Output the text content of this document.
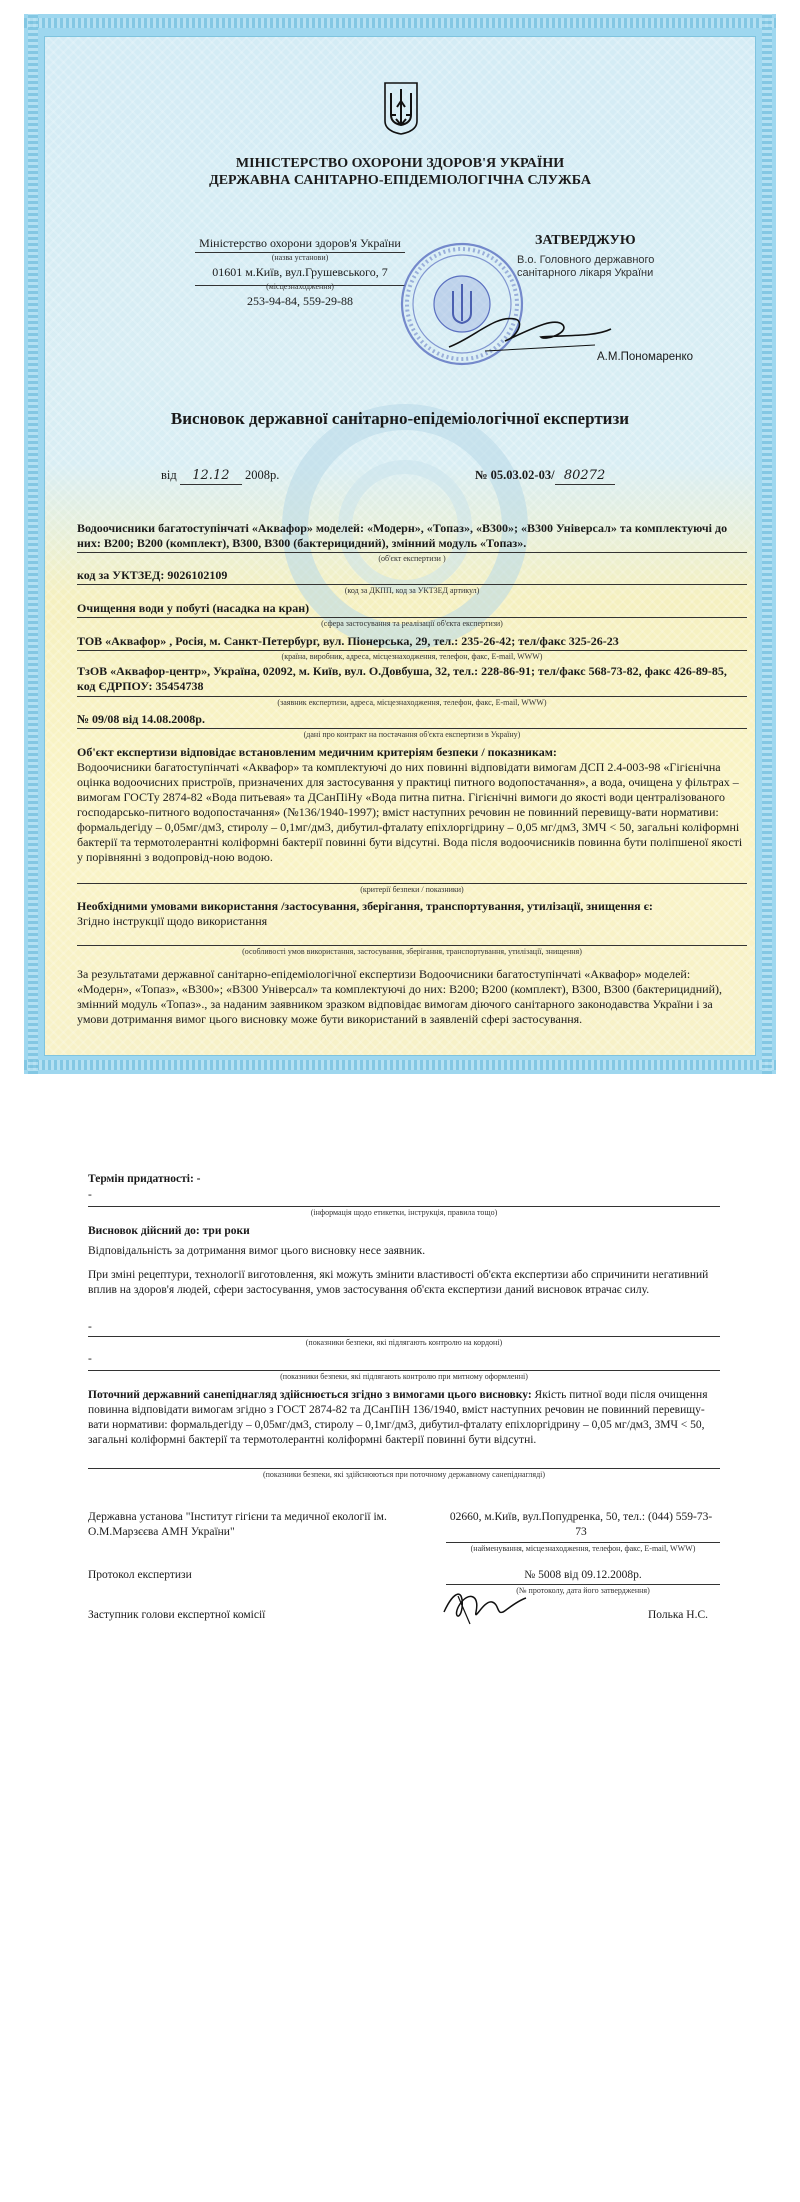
МІНІСТЕРСТВО ОХОРОНИ ЗДОРОВ'Я УКРАЇНИ
ДЕРЖАВНА САНІТАРНО-ЕПІДЕМІОЛОГІЧНА СЛУЖБА
Міністерство охорони здоров'я України
(назва установи)
01601 м.Київ, вул.Грушевського, 7
(місцезнаходження)
253-94-84, 559-29-88
ЗАТВЕРДЖУЮ
В.о. Головного державного
санітарного лікаря України
А.М.Пономаренко
Висновок державної санітарно-епідеміологічної експертизи
від 12.12 2008р.	№ 05.03.02-03/ 80272
Водоочисники багатоступінчаті «Аквафор» моделей: «Модерн», «Топаз», «В300»; «В300 Універсал» та комплектуючі до них: В200; В200 (комплект), В300, В300 (бактерицидний), змінний модуль «Топаз».
(об'єкт експертизи )
код за УКТЗЕД: 9026102109
(код за ДКПП, код за УКТЗЕД артикул)
Очищення води у побуті (насадка на кран)
(сфера застосування та реалізації об'єкта експертизи)
ТОВ «Аквафор» , Росія, м. Санкт-Петербург, вул. Піонерська, 29, тел.: 235-26-42; тел/факс 325-26-23
(країна, виробник, адреса, місцезнаходження, телефон, факс, E-mail, WWW)
ТзОВ «Аквафор-центр», Україна, 02092, м. Київ, вул. О.Довбуша, 32, тел.: 228-86-91; тел/факс 568-73-82, факс 426-89-85, код ЄДРПОУ: 35454738
(заявник експертизи, адреса, місцезнаходження, телефон, факс, E-mail, WWW)
№ 09/08 від 14.08.2008р.
(дані про контракт на постачання об'єкта експертизи в Україну)
Об'єкт експертизи відповідає встановленим медичним критеріям безпеки / показникам:
Водоочисники багатоступінчаті «Аквафор» та комплектуючі до них повинні відповідати вимогам ДСП 2.4-003-98 «Гігієнічна оцінка водоочисних пристроїв, призначених для застосування у практиці питного водопостачання», а вода, очищена у фільтрах – вимогам ГОСТу 2874-82 «Вода питьевая» та ДСанПіНу «Вода питна питна. Гігієнічні вимоги до якості води централізованого господарсько-питного водопостачання» (№136/1940-1997); вміст наступних речовин не повинний перевищу-вати нормативи: формальдегіду – 0,05мг/дм3, стиролу – 0,1мг/дм3, дибутил-фталату епіхлоргідрину – 0,05 мг/дм3, ЗМЧ < 50, загальні коліформні бактерії та термотолерантні коліформні бактерії повинні бути відсутні. Вода після водоочисників повинна бути поліпшеної якості у порівнянні з водопровід-ною водою.
(критерії безпеки / показники)
Необхідними умовами використання /застосування, зберігання, транспортування, утилізації, знищення є:
Згідно інструкції щодо використання
(особливості умов використання, застосування, зберігання, транспортування, утилізації, знищення)
За результатами державної санітарно-епідеміологічної експертизи Водоочисники багатоступінчаті «Аквафор» моделей: «Модерн», «Топаз», «В300»; «В300 Універсал» та комплектуючі до них: В200; В200 (комплект), В300, В300 (бактерицидний), змінний модуль «Топаз»., за наданим заявником зразком відповідає вимогам діючого санітарного законодавства України і за умови дотримання вимог цього висновку може бути використаний в заявленій сфері застосування.
Термін придатності: -
-
(інформація щодо етикетки, інструкцiя, правила тощо)
Висновок дійсний до: три роки
Відповідальність за дотримання вимог цього висновку несе заявник.
При зміні рецептури, технології виготовлення, які можуть змінити властивості об'єкта експертизи або спричинити негативний вплив на здоров'я людей, сфери застосування, умов застосування об'єкта експертизи даний висновок втрачає силу.
-
(показники безпеки, які підлягають контролю на кордоні)
-
(показники безпеки, які підлягають контролю при митному оформленні)
Поточний державний санепіднагляд здійснюється згідно з вимогами цього висновку: Якість питної води після очищення повинна відповідати вимогам згідно з ГОСТ 2874-82 та ДСанПіН 136/1940, вміст наступних речовин не повинний перевищу-вати нормативи: формальдегіду – 0,05мг/дм3, стиролу – 0,1мг/дм3, дибутил-фталату епіхлоргідрину – 0,05 мг/дм3, ЗМЧ < 50, загальні коліформні бактерії та термотолерантні коліформні бактерії повинні бути відсутні.
(показники безпеки, які здійснюються при поточному державному санепіднагляді)
Державна установа "Інститут гігієни та медичної екології ім. О.М.Марзєєва АМН України"
02660, м.Київ, вул.Попудренка, 50, тел.: (044) 559-73-73
(найменування, місцезнаходження, телефон, факс, E-mail, WWW)
Протокол експертизи	№ 5008 від 09.12.2008р.
(№ протоколу, дата його затвердження)
Заступник голови експертної комісії	Полька Н.С.
